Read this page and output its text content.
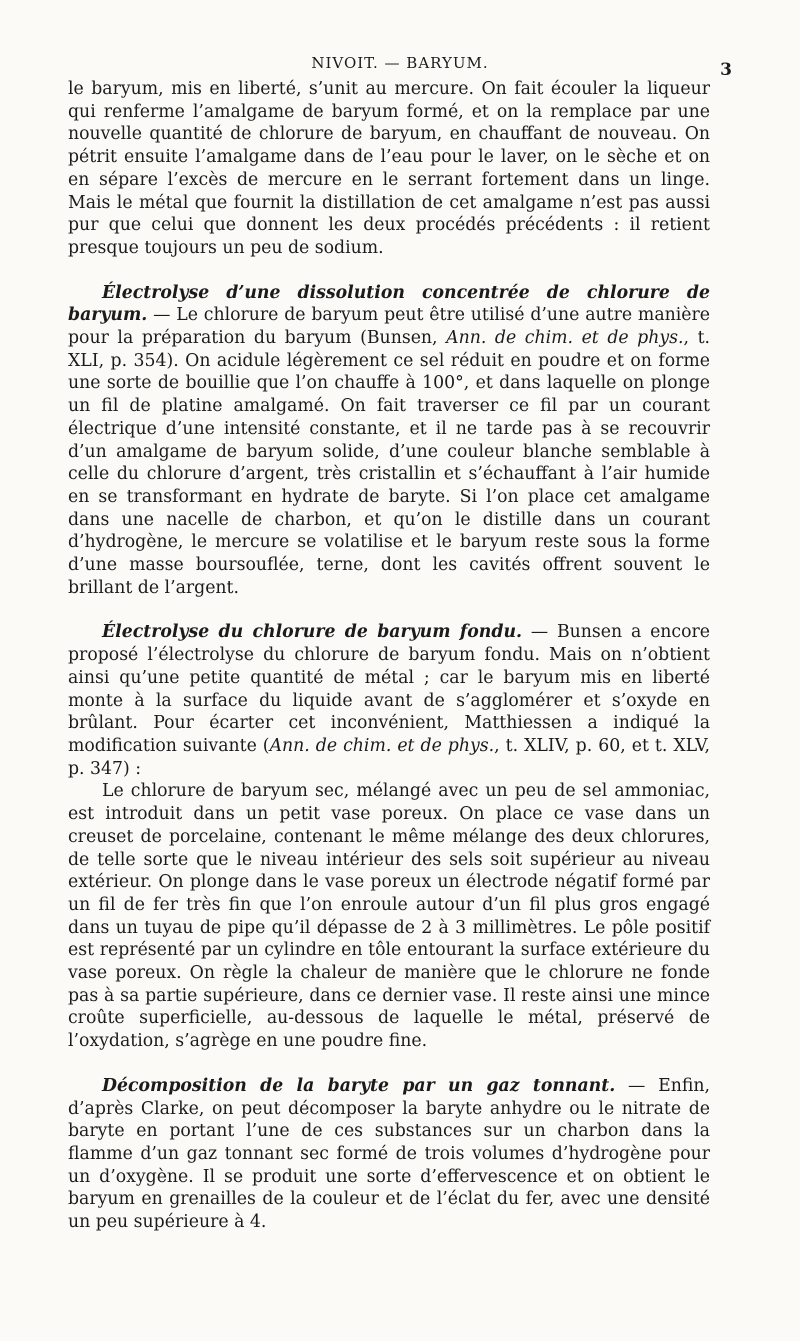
NIVOIT. — BARYUM.	3

le baryum, mis en liberté, s’unit au mercure. On fait écouler la liqueur qui renferme l’amalgame de baryum formé, et on la remplace par une nouvelle quantité de chlorure de baryum, en chauffant de nouveau. On pétrit ensuite l’amalgame dans de l’eau pour le laver, on le sèche et on en sépare l’excès de mercure en le serrant fortement dans un linge. Mais le métal que fournit la distillation de cet amalgame n’est pas aussi pur que celui que donnent les deux procédés précédents : il retient presque toujours un peu de sodium.

Électrolyse d’une dissolution concentrée de chlorure de baryum. — Le chlorure de baryum peut être utilisé d’une autre manière pour la préparation du baryum (Bunsen, Ann. de chim. et de phys., t. XLI, p. 354). On acidule légèrement ce sel réduit en poudre et on forme une sorte de bouillie que l’on chauffe à 100°, et dans laquelle on plonge un fil de platine amalgamé. On fait traverser ce fil par un courant électrique d’une intensité constante, et il ne tarde pas à se recouvrir d’un amalgame de baryum solide, d’une couleur blanche semblable à celle du chlorure d’argent, très cristallin et s’échauffant à l’air humide en se transformant en hydrate de baryte. Si l’on place cet amalgame dans une nacelle de charbon, et qu’on le distille dans un courant d’hydrogène, le mercure se volatilise et le baryum reste sous la forme d’une masse boursouflée, terne, dont les cavités offrent souvent le brillant de l’argent.

Électrolyse du chlorure de baryum fondu. — Bunsen a encore proposé l’électrolyse du chlorure de baryum fondu. Mais on n’obtient ainsi qu’une petite quantité de métal ; car le baryum mis en liberté monte à la surface du liquide avant de s’agglomérer et s’oxyde en brûlant. Pour écarter cet inconvénient, Matthiessen a indiqué la modification suivante (Ann. de chim. et de phys., t. XLIV, p. 60, et t. XLV, p. 347) :

Le chlorure de baryum sec, mélangé avec un peu de sel ammoniac, est introduit dans un petit vase poreux. On place ce vase dans un creuset de porcelaine, contenant le même mélange des deux chlorures, de telle sorte que le niveau intérieur des sels soit supérieur au niveau extérieur. On plonge dans le vase poreux un électrode négatif formé par un fil de fer très fin que l’on enroule autour d’un fil plus gros engagé dans un tuyau de pipe qu’il dépasse de 2 à 3 millimètres. Le pôle positif est représenté par un cylindre en tôle entourant la surface extérieure du vase poreux. On règle la chaleur de manière que le chlorure ne fonde pas à sa partie supérieure, dans ce dernier vase. Il reste ainsi une mince croûte superficielle, au-dessous de laquelle le métal, préservé de l’oxydation, s’agrège en une poudre fine.

Décomposition de la baryte par un gaz tonnant. — Enfin, d’après Clarke, on peut décomposer la baryte anhydre ou le nitrate de baryte en portant l’une de ces substances sur un charbon dans la flamme d’un gaz tonnant sec formé de trois volumes d’hydrogène pour un d’oxygène. Il se produit une sorte d’effervescence et on obtient le baryum en grenailles de la couleur et de l’éclat du fer, avec une densité un peu supérieure à 4.
